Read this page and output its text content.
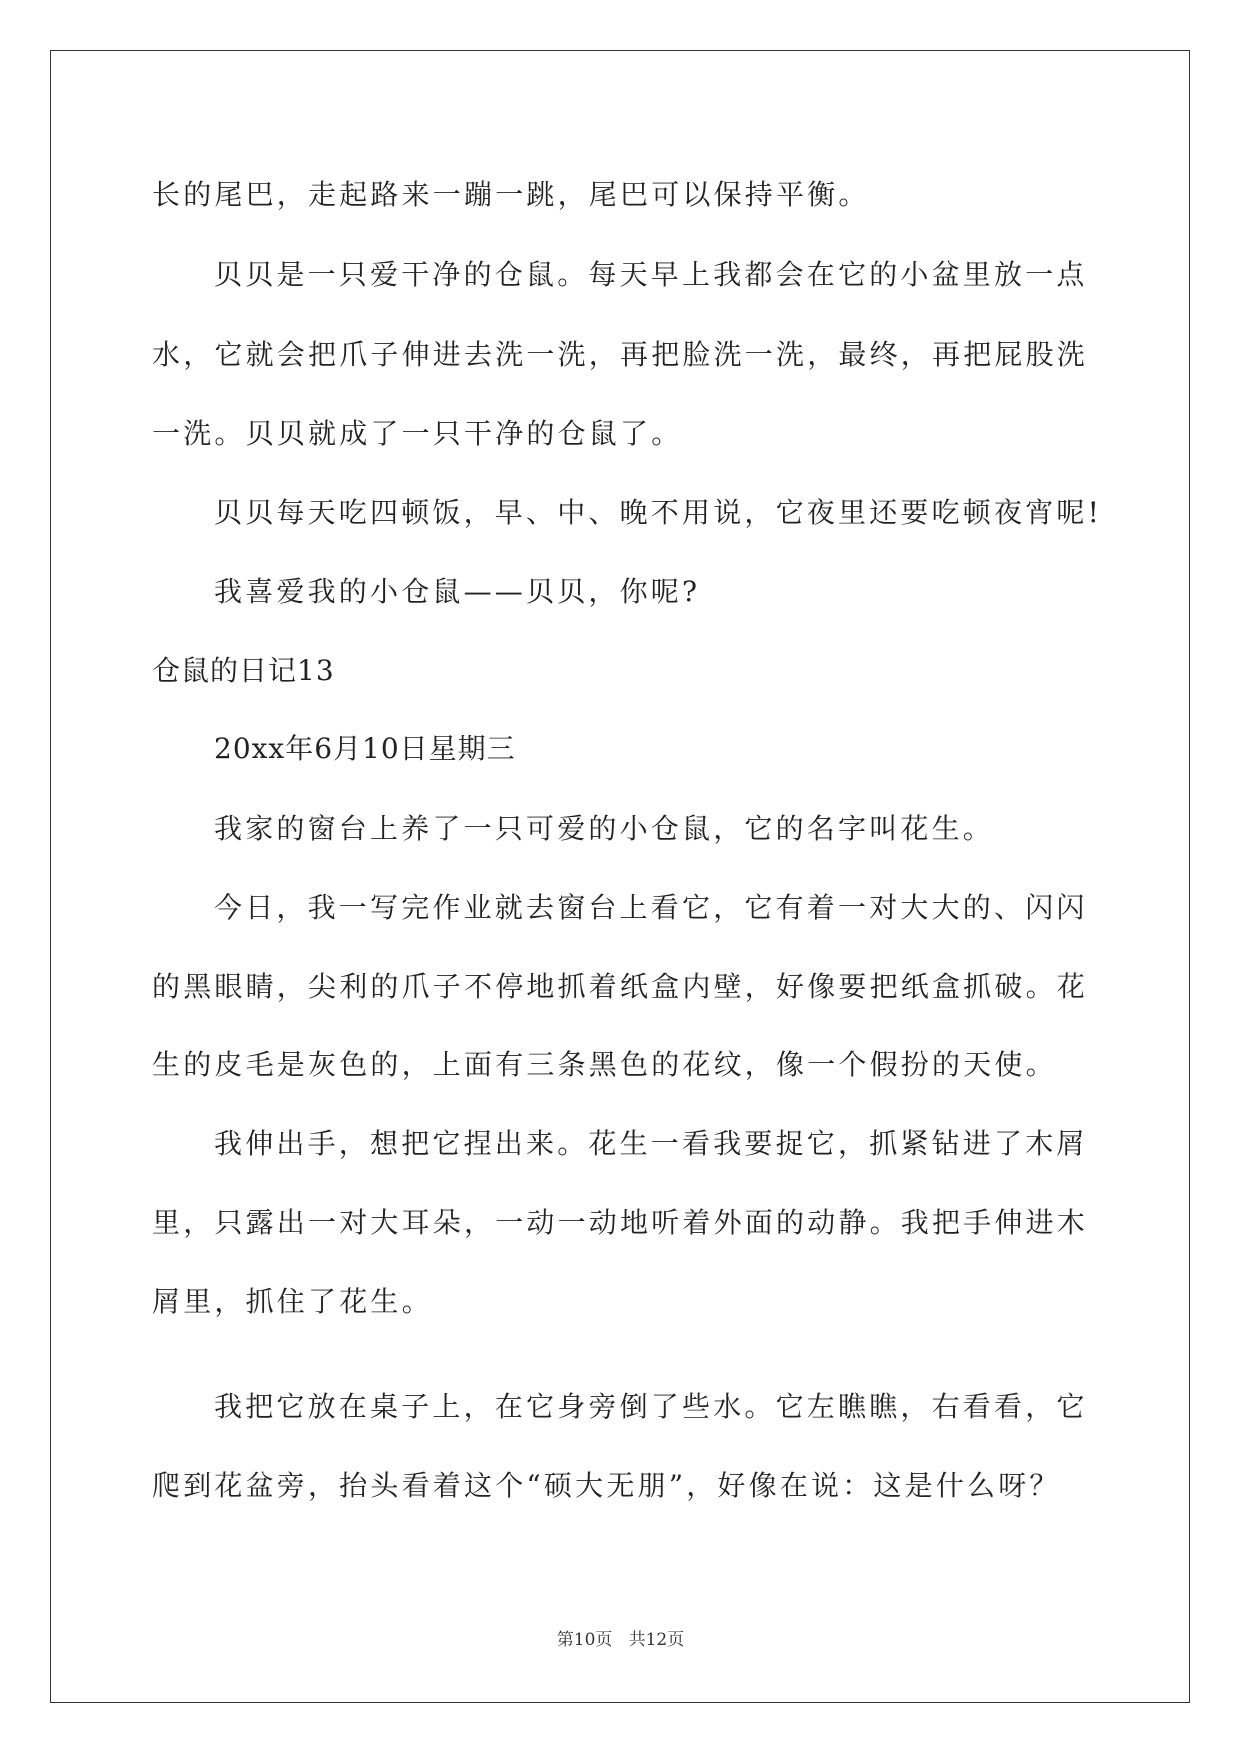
长的尾巴，走起路来一蹦一跳，尾巴可以保持平衡。
贝贝是一只爱干净的仓鼠。每天早上我都会在它的小盆里放一点
水，它就会把爪子伸进去洗一洗，再把脸洗一洗，最终，再把屁股洗
一洗。贝贝就成了一只干净的仓鼠了。
贝贝每天吃四顿饭，早、中、晚不用说，它夜里还要吃顿夜宵呢!
我喜爱我的小仓鼠——贝贝，你呢?
仓鼠的日记13
20xx年6月10日星期三
我家的窗台上养了一只可爱的小仓鼠，它的名字叫花生。
今日，我一写完作业就去窗台上看它，它有着一对大大的、闪闪
的黑眼睛，尖利的爪子不停地抓着纸盒内壁，好像要把纸盒抓破。花
生的皮毛是灰色的，上面有三条黑色的花纹，像一个假扮的天使。
我伸出手，想把它捏出来。花生一看我要捉它，抓紧钻进了木屑
里，只露出一对大耳朵，一动一动地听着外面的动静。我把手伸进木
屑里，抓住了花生。
我把它放在桌子上，在它身旁倒了些水。它左瞧瞧，右看看，它
爬到花盆旁，抬头看着这个“硕大无朋”，好像在说：这是什么呀？
第10页   共12页
